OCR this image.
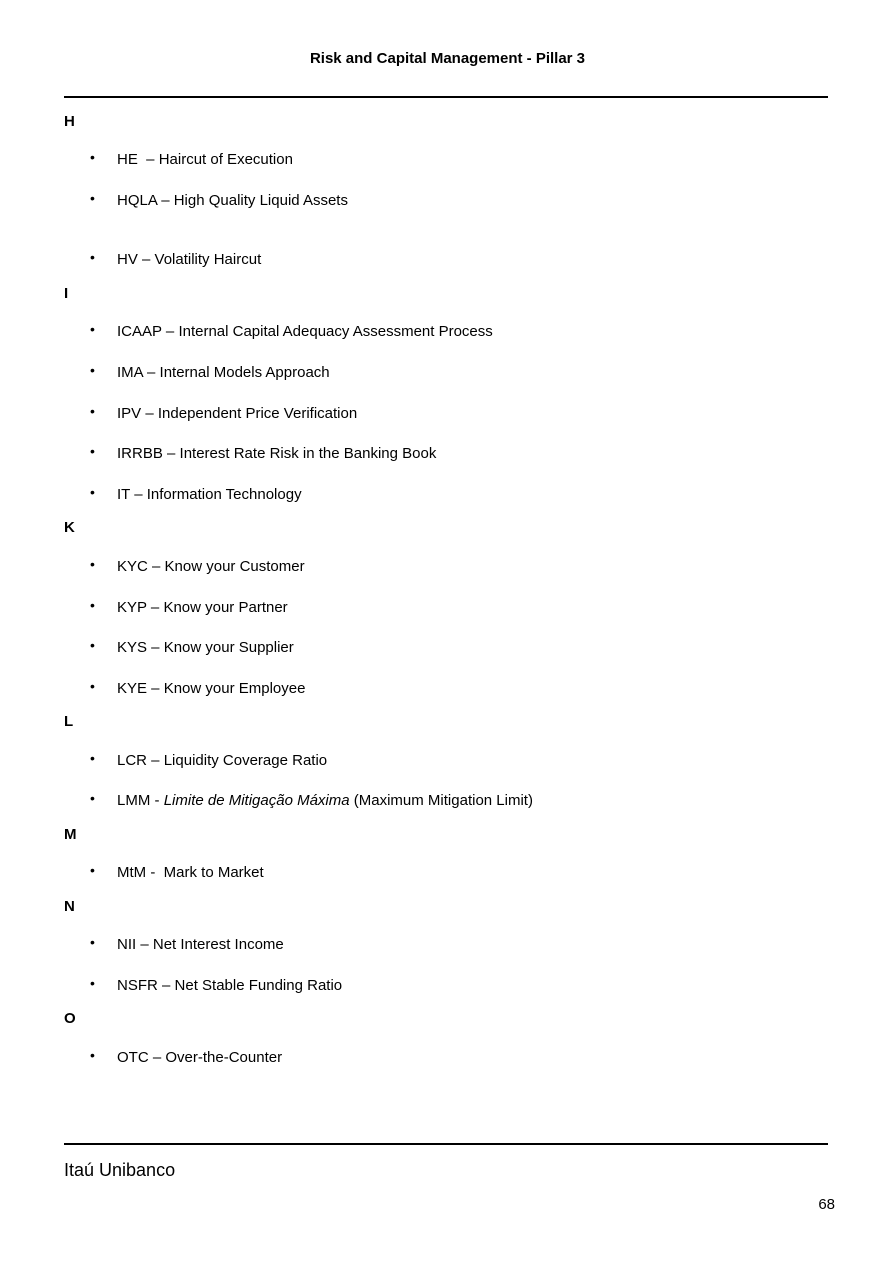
Risk and Capital Management - Pillar 3
H
• HE  – Haircut of Execution
• HQLA – High Quality Liquid Assets
• HV – Volatility Haircut
I
• ICAAP – Internal Capital Adequacy Assessment Process
• IMA – Internal Models Approach
• IPV – Independent Price Verification
• IRRBB – Interest Rate Risk in the Banking Book
• IT – Information Technology
K
• KYC – Know your Customer
• KYP – Know your Partner
• KYS – Know your Supplier
• KYE – Know your Employee
L
• LCR – Liquidity Coverage Ratio
• LMM - Limite de Mitigação Máxima (Maximum Mitigation Limit)
M
• MtM -  Mark to Market
N
• NII – Net Interest Income
• NSFR – Net Stable Funding Ratio
O
• OTC – Over-the-Counter
Itaú Unibanco
68
